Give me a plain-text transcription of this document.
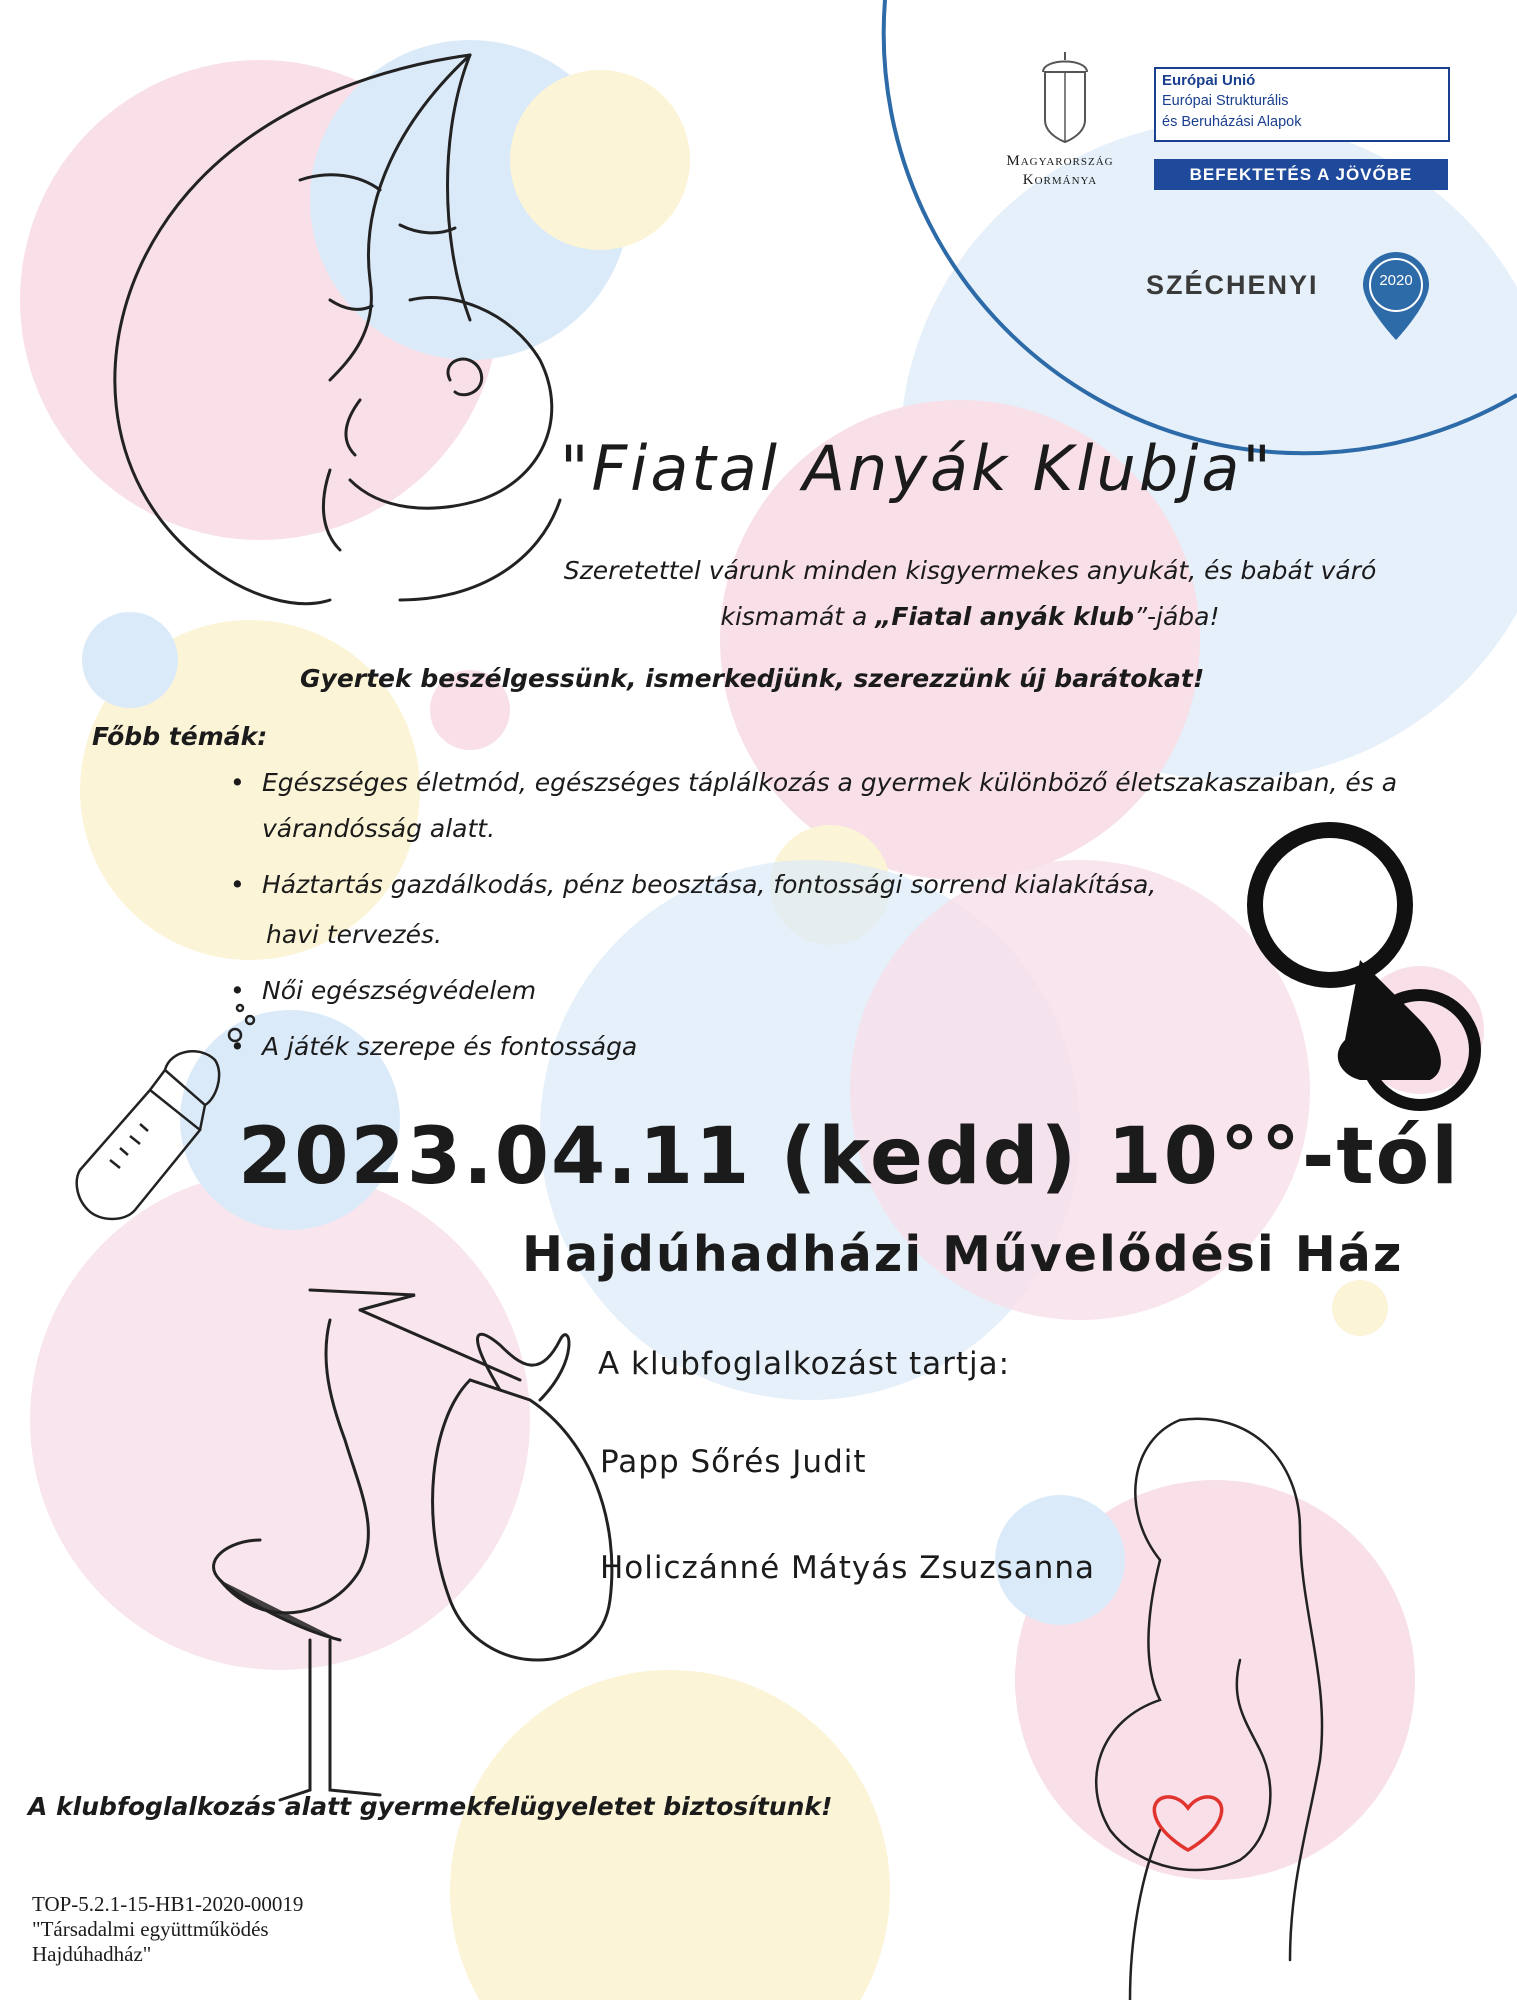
Magyarország
Kormánya
Európai Unió
Európai Strukturális
és Beruházási Alapok
BEFEKTETÉS A JÖVŐBE
SZÉCHENYI	2020
"Fiatal Anyák Klubja"
Szeretettel várunk minden kisgyermekes anyukát, és babát váró
kismamát a „Fiatal anyák klub”-jába!
Gyertek beszélgessünk, ismerkedjünk, szerezzünk új barátokat!
Főbb témák:
• Egészséges életmód, egészséges táplálkozás a gyermek különböző életszakaszaiban, és a várandósság alatt.
• Háztartás gazdálkodás, pénz beosztása, fontossági sorrend kialakítása,
havi tervezés.
• Női egészségvédelem
• A játék szerepe és fontossága
2023.04.11 (kedd) 10°°-tól
Hajdúhadházi Művelődési Ház
A klubfoglalkozást tartja:
Papp Sőrés Judit
Holiczánné Mátyás Zsuzsanna
A klubfoglalkozás alatt gyermekfelügyeletet biztosítunk!
TOP-5.2.1-15-HB1-2020-00019
"Társadalmi együttműködés
Hajdúhadház"
